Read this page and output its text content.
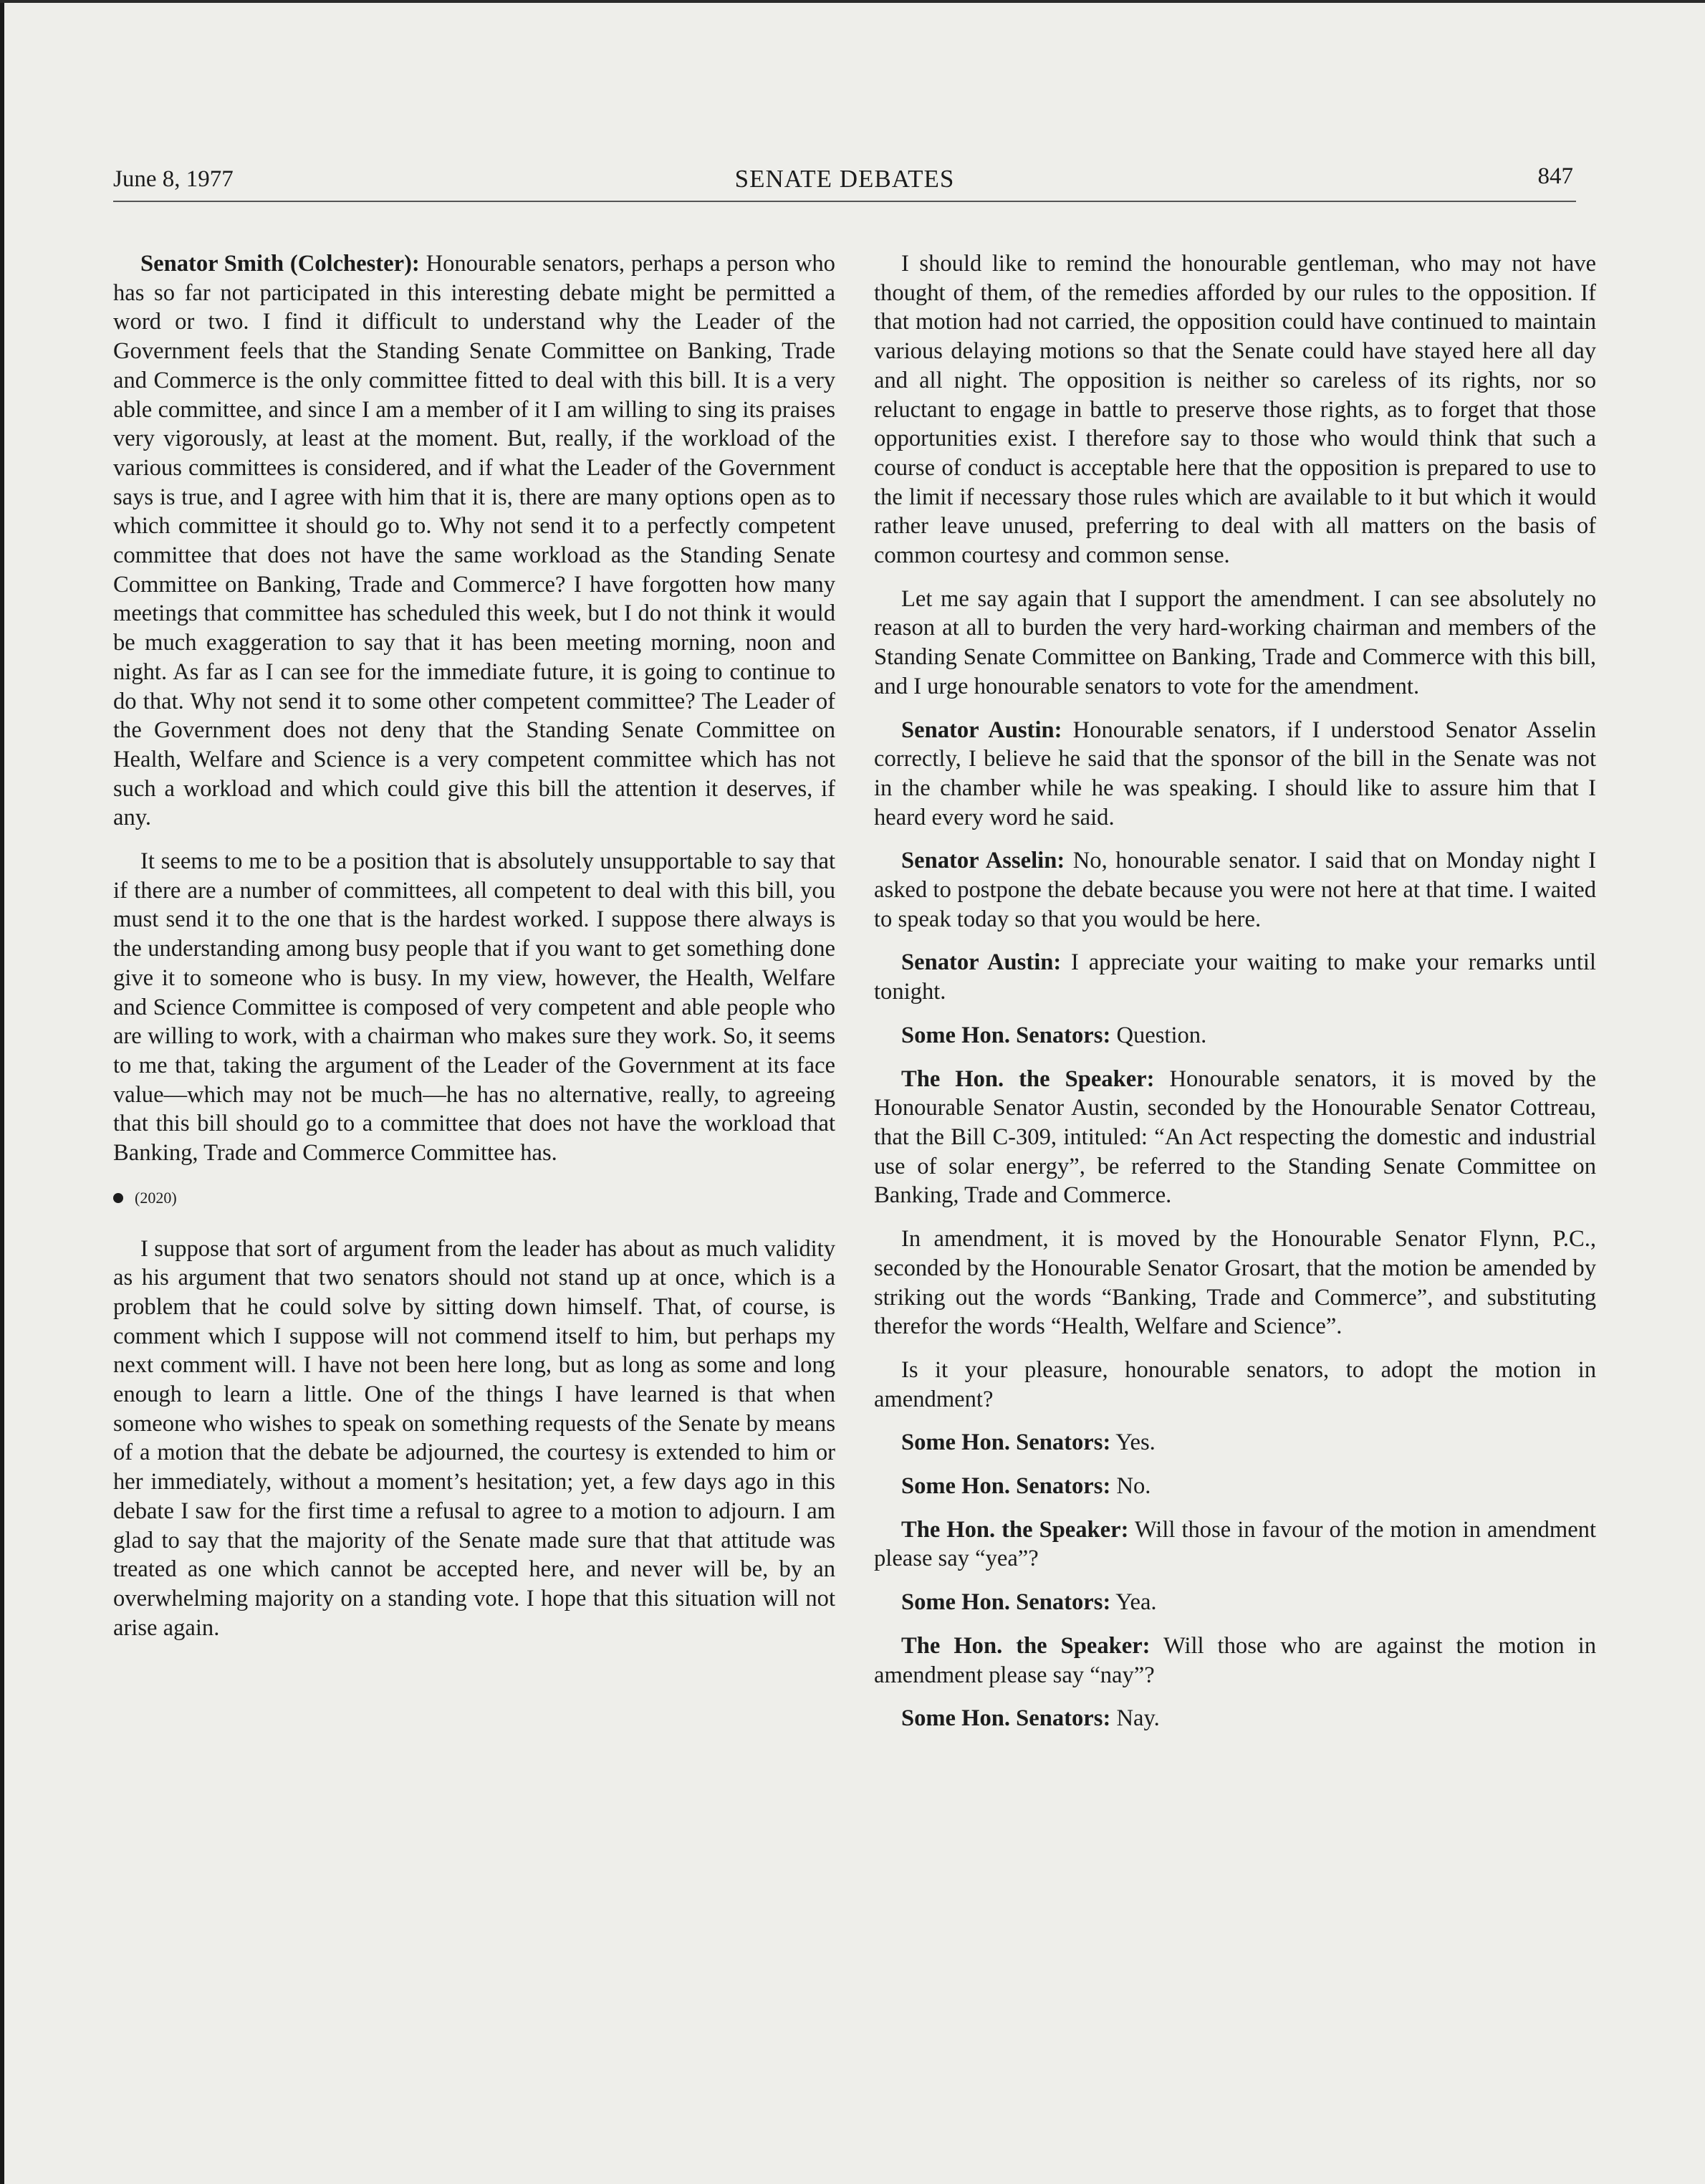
June 8, 1977	SENATE DEBATES	847

Senator Smith (Colchester): Honourable senators, perhaps a person who has so far not participated in this interesting debate might be permitted a word or two. I find it difficult to understand why the Leader of the Government feels that the Standing Senate Committee on Banking, Trade and Commerce is the only committee fitted to deal with this bill. It is a very able committee, and since I am a member of it I am willing to sing its praises very vigorously, at least at the moment. But, really, if the workload of the various committees is considered, and if what the Leader of the Government says is true, and I agree with him that it is, there are many options open as to which committee it should go to. Why not send it to a perfectly competent committee that does not have the same workload as the Standing Senate Committee on Banking, Trade and Commerce? I have forgotten how many meetings that committee has scheduled this week, but I do not think it would be much exaggeration to say that it has been meeting morning, noon and night. As far as I can see for the immediate future, it is going to continue to do that. Why not send it to some other competent committee? The Leader of the Government does not deny that the Standing Senate Committee on Health, Welfare and Science is a very competent committee which has not such a workload and which could give this bill the attention it deserves, if any.

It seems to me to be a position that is absolutely unsupportable to say that if there are a number of committees, all competent to deal with this bill, you must send it to the one that is the hardest worked. I suppose there always is the understanding among busy people that if you want to get something done give it to someone who is busy. In my view, however, the Health, Welfare and Science Committee is composed of very competent and able people who are willing to work, with a chairman who makes sure they work. So, it seems to me that, taking the argument of the Leader of the Government at its face value—which may not be much—he has no alternative, really, to agreeing that this bill should go to a committee that does not have the workload that Banking, Trade and Commerce Committee has.

(2020)

I suppose that sort of argument from the leader has about as much validity as his argument that two senators should not stand up at once, which is a problem that he could solve by sitting down himself. That, of course, is comment which I suppose will not commend itself to him, but perhaps my next comment will. I have not been here long, but as long as some and long enough to learn a little. One of the things I have learned is that when someone who wishes to speak on something requests of the Senate by means of a motion that the debate be adjourned, the courtesy is extended to him or her immediately, without a moment’s hesitation; yet, a few days ago in this debate I saw for the first time a refusal to agree to a motion to adjourn. I am glad to say that the majority of the Senate made sure that that attitude was treated as one which cannot be accepted here, and never will be, by an overwhelming majority on a standing vote. I hope that this situation will not arise again.

I should like to remind the honourable gentleman, who may not have thought of them, of the remedies afforded by our rules to the opposition. If that motion had not carried, the opposition could have continued to maintain various delaying motions so that the Senate could have stayed here all day and all night. The opposition is neither so careless of its rights, nor so reluctant to engage in battle to preserve those rights, as to forget that those opportunities exist. I therefore say to those who would think that such a course of conduct is acceptable here that the opposition is prepared to use to the limit if necessary those rules which are available to it but which it would rather leave unused, preferring to deal with all matters on the basis of common courtesy and common sense.

Let me say again that I support the amendment. I can see absolutely no reason at all to burden the very hard-working chairman and members of the Standing Senate Committee on Banking, Trade and Commerce with this bill, and I urge honourable senators to vote for the amendment.

Senator Austin: Honourable senators, if I understood Senator Asselin correctly, I believe he said that the sponsor of the bill in the Senate was not in the chamber while he was speaking. I should like to assure him that I heard every word he said.

Senator Asselin: No, honourable senator. I said that on Monday night I asked to postpone the debate because you were not here at that time. I waited to speak today so that you would be here.

Senator Austin: I appreciate your waiting to make your remarks until tonight.

Some Hon. Senators: Question.

The Hon. the Speaker: Honourable senators, it is moved by the Honourable Senator Austin, seconded by the Honourable Senator Cottreau, that the Bill C-309, intituled: “An Act respecting the domestic and industrial use of solar energy”, be referred to the Standing Senate Committee on Banking, Trade and Commerce.

In amendment, it is moved by the Honourable Senator Flynn, P.C., seconded by the Honourable Senator Grosart, that the motion be amended by striking out the words “Banking, Trade and Commerce”, and substituting therefor the words “Health, Welfare and Science”.

Is it your pleasure, honourable senators, to adopt the motion in amendment?

Some Hon. Senators: Yes.

Some Hon. Senators: No.

The Hon. the Speaker: Will those in favour of the motion in amendment please say “yea”?

Some Hon. Senators: Yea.

The Hon. the Speaker: Will those who are against the motion in amendment please say “nay”?

Some Hon. Senators: Nay.
